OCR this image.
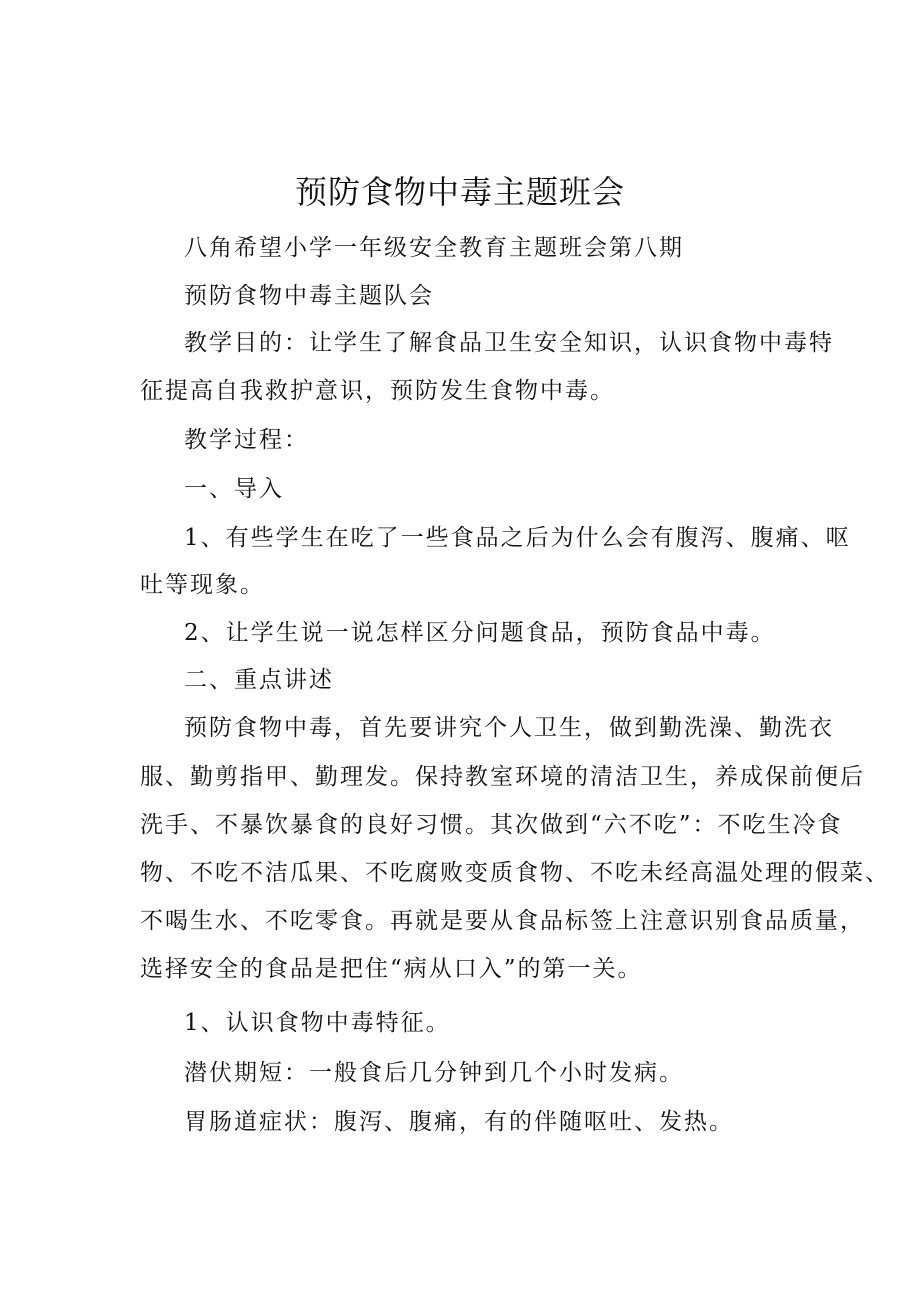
预防食物中毒主题班会

八角希望小学一年级安全教育主题班会第八期

预防食物中毒主题队会

教学目的：让学生了解食品卫生安全知识，认识食物中毒特

征提高自我救护意识，预防发生食物中毒。

教学过程：

一、导入

1、有些学生在吃了一些食品之后为什么会有腹泻、腹痛、呕

吐等现象。

2、让学生说一说怎样区分问题食品，预防食品中毒。

二、重点讲述

预防食物中毒，首先要讲究个人卫生，做到勤洗澡、勤洗衣

服、勤剪指甲、勤理发。保持教室环境的清洁卫生，养成保前便后

洗手、不暴饮暴食的良好习惯。其次做到“六不吃”：不吃生冷食

物、不吃不洁瓜果、不吃腐败变质食物、不吃未经高温处理的假菜、

不喝生水、不吃零食。再就是要从食品标签上注意识别食品质量，

选择安全的食品是把住“病从口入”的第一关。

1、认识食物中毒特征。

潜伏期短：一般食后几分钟到几个小时发病。

胃肠道症状：腹泻、腹痛，有的伴随呕吐、发热。
